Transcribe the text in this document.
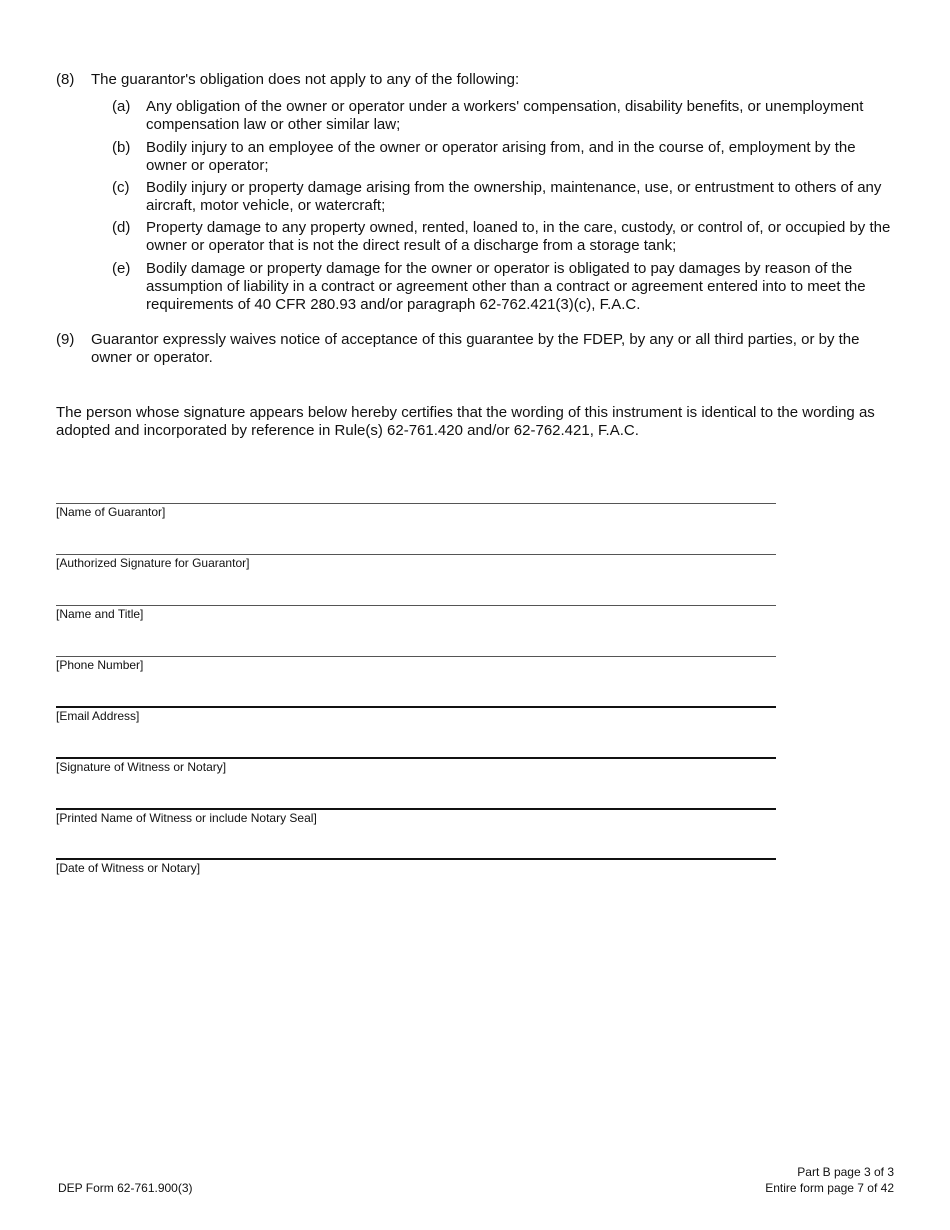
(8) The guarantor's obligation does not apply to any of the following:
(a) Any obligation of the owner or operator under a workers' compensation, disability benefits, or unemployment compensation law or other similar law;
(b) Bodily injury to an employee of the owner or operator arising from, and in the course of, employment by the owner or operator;
(c) Bodily injury or property damage arising from the ownership, maintenance, use, or entrustment to others of any aircraft, motor vehicle, or watercraft;
(d) Property damage to any property owned, rented, loaned to, in the care, custody, or control of, or occupied by the owner or operator that is not the direct result of a discharge from a storage tank;
(e) Bodily damage or property damage for the owner or operator is obligated to pay damages by reason of the assumption of liability in a contract or agreement other than a contract or agreement entered into to meet the requirements of 40 CFR 280.93 and/or paragraph 62-762.421(3)(c), F.A.C.
(9) Guarantor expressly waives notice of acceptance of this guarantee by the FDEP, by any or all third parties, or by the owner or operator.
The person whose signature appears below hereby certifies that the wording of this instrument is identical to the wording as adopted and incorporated by reference in Rule(s) 62-761.420 and/or 62-762.421, F.A.C.
[Name of Guarantor]
[Authorized Signature for Guarantor]
[Name and Title]
[Phone Number]
[Email Address]
[Signature of Witness or Notary]
[Printed Name of Witness or include Notary Seal]
[Date of Witness or Notary]
DEP Form 62-761.900(3)
Part B page 3 of 3
Entire form page 7 of 42
